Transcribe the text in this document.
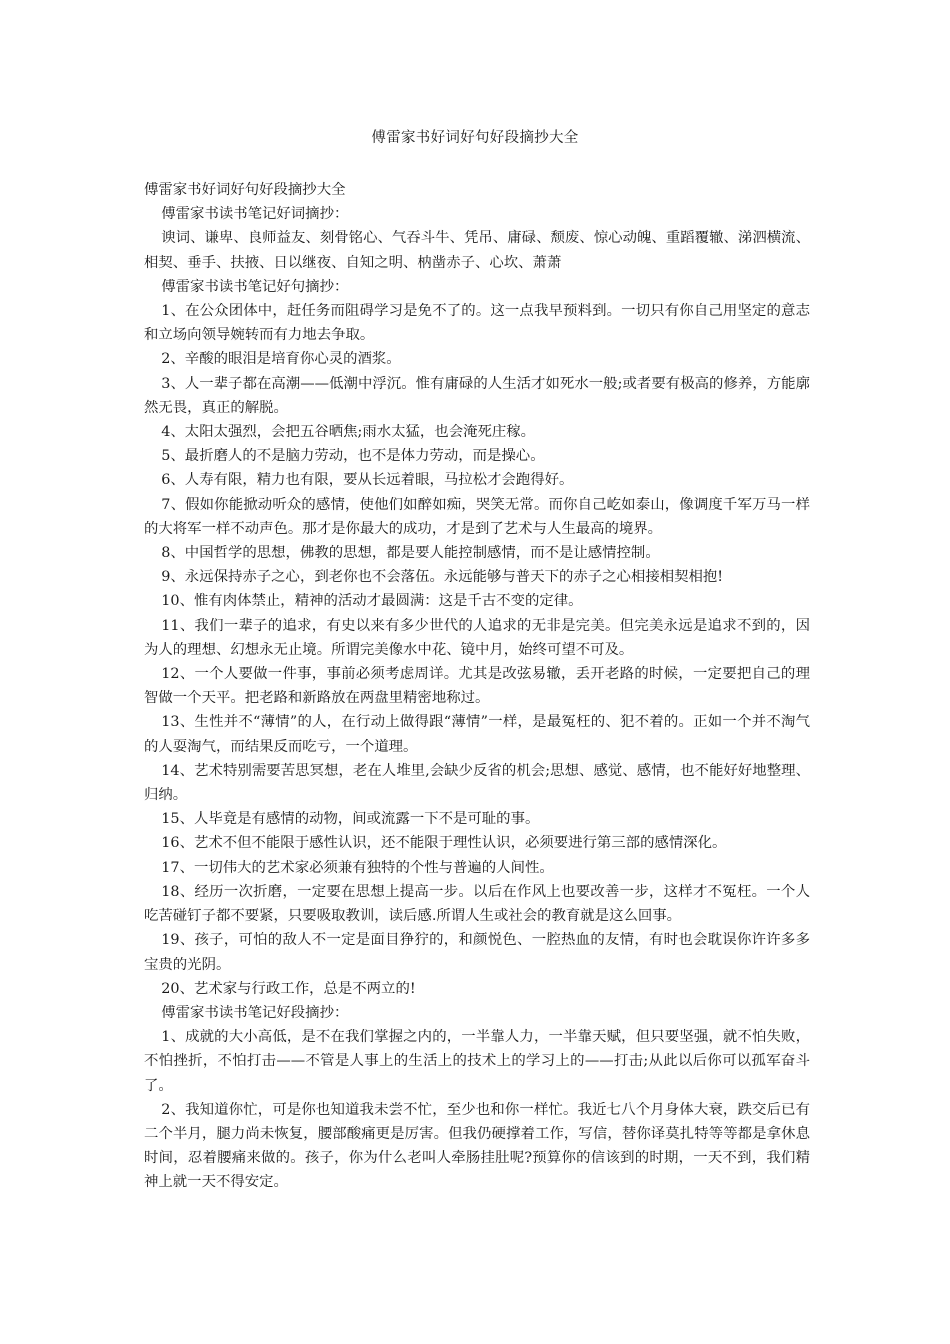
傅雷家书好词好句好段摘抄大全

傅雷家书好词好句好段摘抄大全

傅雷家书读书笔记好词摘抄：

谀词、谦卑、良师益友、刻骨铭心、气吞斗牛、凭吊、庸碌、颓废、惊心动魄、重蹈覆辙、涕泗横流、相契、垂手、扶掖、日以继夜、自知之明、枘凿赤子、心坎、萧萧

傅雷家书读书笔记好句摘抄：

1、在公众团体中，赶任务而阻碍学习是免不了的。这一点我早预料到。一切只有你自己用坚定的意志和立场向领导婉转而有力地去争取。

2、辛酸的眼泪是培育你心灵的酒浆。

3、人一辈子都在高潮——低潮中浮沉。惟有庸碌的人生活才如死水一般;或者要有极高的修养，方能廓然无畏，真正的解脱。

4、太阳太强烈，会把五谷晒焦;雨水太猛，也会淹死庄稼。

5、最折磨人的不是脑力劳动，也不是体力劳动，而是操心。

6、人寿有限，精力也有限，要从长远着眼，马拉松才会跑得好。

7、假如你能掀动听众的感情，使他们如醉如痴，哭笑无常。而你自己屹如泰山，像调度千军万马一样的大将军一样不动声色。那才是你最大的成功，才是到了艺术与人生最高的境界。

8、中国哲学的思想，佛教的思想，都是要人能控制感情，而不是让感情控制。

9、永远保持赤子之心，到老你也不会落伍。永远能够与普天下的赤子之心相接相契相抱!

10、惟有肉体禁止，精神的活动才最圆满：这是千古不变的定律。

11、我们一辈子的追求，有史以来有多少世代的人追求的无非是完美。但完美永远是追求不到的，因为人的理想、幻想永无止境。所谓完美像水中花、镜中月，始终可望不可及。

12、一个人要做一件事，事前必须考虑周详。尤其是改弦易辙，丢开老路的时候，一定要把自己的理智做一个天平。把老路和新路放在两盘里精密地称过。

13、生性并不“薄情”的人，在行动上做得跟“薄情”一样，是最冤枉的、犯不着的。正如一个并不淘气的人耍淘气，而结果反而吃亏，一个道理。

14、艺术特别需要苦思冥想，老在人堆里,会缺少反省的机会;思想、感觉、感情，也不能好好地整理、归纳。

15、人毕竟是有感情的动物，间或流露一下不是可耻的事。

16、艺术不但不能限于感性认识，还不能限于理性认识，必须要进行第三部的感情深化。

17、一切伟大的艺术家必须兼有独特的个性与普遍的人间性。

18、经历一次折磨，一定要在思想上提高一步。以后在作风上也要改善一步，这样才不冤枉。一个人吃苦碰钉子都不要紧，只要吸取教训，读后感.所谓人生或社会的教育就是这么回事。

19、孩子，可怕的敌人不一定是面目狰狞的，和颜悦色、一腔热血的友情，有时也会耽误你许许多多宝贵的光阴。

20、艺术家与行政工作，总是不两立的!

傅雷家书读书笔记好段摘抄：

1、成就的大小高低，是不在我们掌握之内的，一半靠人力，一半靠天赋，但只要坚强，就不怕失败，不怕挫折，不怕打击——不管是人事上的生活上的技术上的学习上的——打击;从此以后你可以孤军奋斗了。

2、我知道你忙，可是你也知道我未尝不忙，至少也和你一样忙。我近七八个月身体大衰，跌交后已有二个半月，腿力尚未恢复，腰部酸痛更是厉害。但我仍硬撑着工作，写信，替你译莫扎特等等都是拿休息时间，忍着腰痛来做的。孩子，你为什么老叫人牵肠挂肚呢?预算你的信该到的时期，一天不到，我们精神上就一天不得安定。
